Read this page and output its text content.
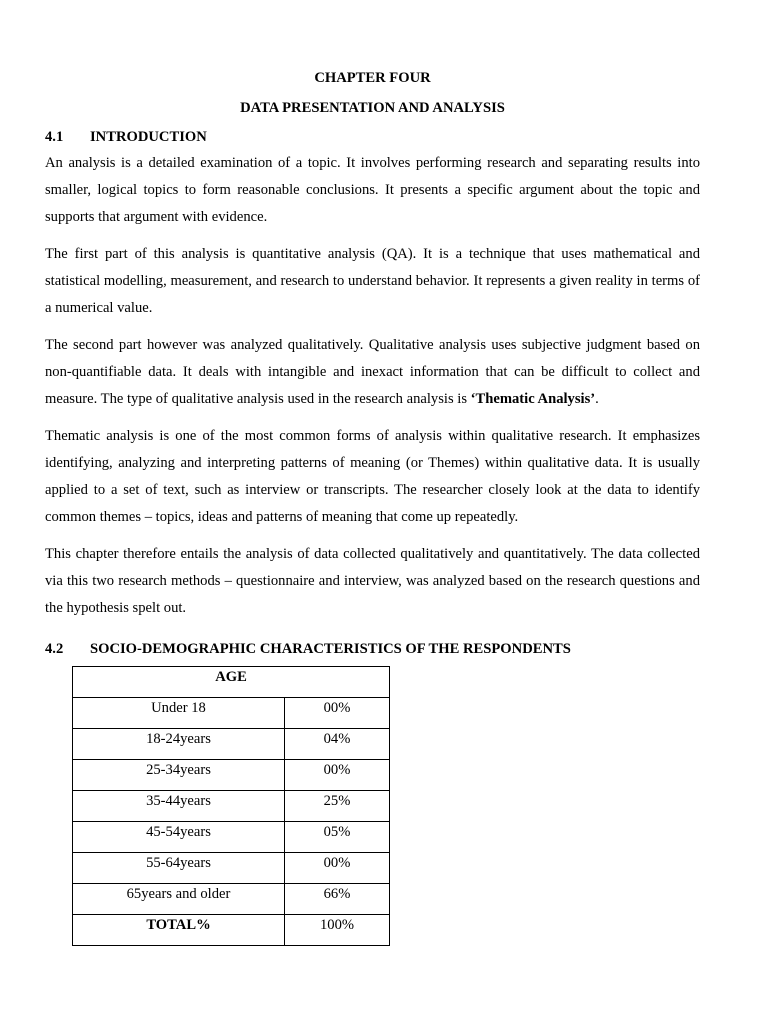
CHAPTER FOUR
DATA PRESENTATION AND ANALYSIS
4.1	INTRODUCTION

An analysis is a detailed examination of a topic. It involves performing research and separating results into smaller, logical topics to form reasonable conclusions. It presents a specific argument about the topic and supports that argument with evidence.

The first part of this analysis is quantitative analysis (QA). It is a technique that uses mathematical and statistical modelling, measurement, and research to understand behavior. It represents a given reality in terms of a numerical value.

The second part however was analyzed qualitatively. Qualitative analysis uses subjective judgment based on non-quantifiable data. It deals with intangible and inexact information that can be difficult to collect and measure. The type of qualitative analysis used in the research analysis is ‘Thematic Analysis’.

Thematic analysis is one of the most common forms of analysis within qualitative research. It emphasizes identifying, analyzing and interpreting patterns of meaning (or Themes) within qualitative data. It is usually applied to a set of text, such as interview or transcripts. The researcher closely look at the data to identify common themes – topics, ideas and patterns of meaning that come up repeatedly.

This chapter therefore entails the analysis of data collected qualitatively and quantitatively. The data collected via this two research methods – questionnaire and interview, was analyzed based on the research questions and the hypothesis spelt out.

4.2	SOCIO-DEMOGRAPHIC CHARACTERISTICS OF THE RESPONDENTS
AGE	
Under 18	00%
18-24years	04%
25-34years	00%
35-44years	25%
45-54years	05%
55-64years	00%
65years and older	66%
TOTAL%	100%
